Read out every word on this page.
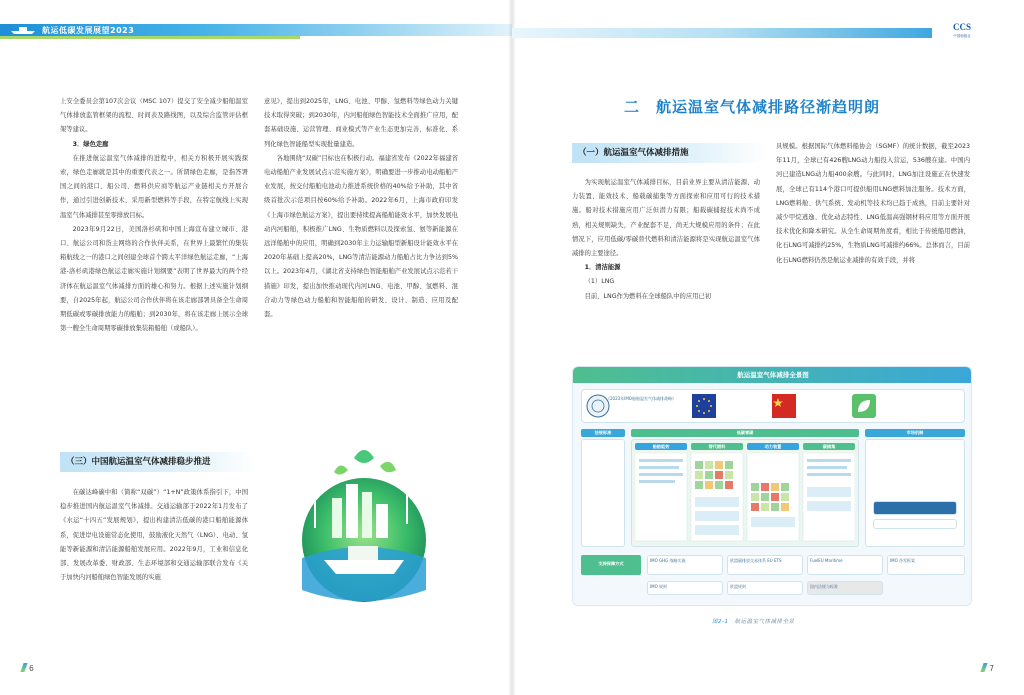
航运低碳发展展望2023

上安全委员会第107次会议（MSC 107）提交了安全减少船舶温室气体排放监管框架的流程、时间表及路线图，以及综合监管评估框架等建议。

3．绿色走廊

在推进航运温室气体减排的进程中，相关方积极开展实践探索，绿色走廊就是其中的重要代表之一。所谓绿色走廊，是指答署国之间的港口、船公司、燃料供应商等航运产业链相关方开展合作，通过引进创新技术、采用新型燃料等手段，在特定航线上实现温室气体减排甚至零排放目标。

2023年9月22日，美国洛杉矶和中国上海宣布建立城市、港口、航运公司和货主网络的合作伙伴关系，在世界上最繁忙的集装箱航线之一的港口之间创建全球首个跨太平洋绿色航运走廊，“上海港-洛杉矶港绿色航运走廊实施计划纲要”表明了世界最大的两个经济体在航运温室气体减排方面的雄心和努力。根据上述实施计划纲要，自2025年起，航运公司合作伙伴将在该走廊部署具备全生命周期低碳或零碳排放能力的船舶；到2030年，将在该走廊上展示全球第一艘全生命周期零碳排放集装箱船舶（或船队）。

意见》，提出到2025年，LNG、电池、甲醇、氢燃料等绿色动力关键技术取得突破；到2030年，内河船舶绿色智能技术全面推广应用，配套基础设施、运营管理、商业模式等产业生态更加完善，标准化、系列化绿色智能船型实现批量建造。

各地围绕“双碳”目标也在积极行动。福建省发布《2022年福建省电动船舶产业发展试点示范实施方案》，明确要进一步推动电动船舶产业发展，按交付船舶电池动力推进系统价格的40%给予补助，其中省级首批次示范项目按60%给予补助。2022年6月，上海市政府印发《上海市绿色航运方案》，提出要持续提高船舶能效水平，加快发展电动内河船舶，积极推广LNG、生物质燃料以及探索氢、氨等新能源在远洋船舶中的应用，明确到2030年主力运输船型新船设计能效水平在2020年基础上提高20%，LNG等清洁能源动力船舶占比力争达到5%以上。2023年4月，《湖北省支持绿色智能船舶产业发展试点示范若干措施》印发，提出加快推动现代内河LNG、电池、甲醇、氢燃料、混合动力等绿色动力船舶和智能船舶的研发、设计、制造、应用及配套。

（三）中国航运温室气体减排稳步推进

在碳达峰碳中和（简称“双碳”）“1+N”政策体系指引下，中国稳步推进国内航运温室气体减排。交通运输部于2022年1月发布了《水运“十四五”发展规划》，提出构建清洁低碳的港口船舶能源体系，促进岸电设施常态化使用，鼓励液化天然气（LNG）、电动、氢能等新能源和清洁能源船舶发展应用。2022年9月，工业和信息化部、发展改革委、财政部、生态环境部和交通运输部联合发布《关于加快内河船舶绿色智能发展的实施

6
CCS
中国船级社
二　航运温室气体减排路径渐趋明朗
（一）航运温室气体减排措施

为实现航运温室气体减排目标，目前业界主要从清洁能源、动力装置、能效技术、船载碳捕集等方面探索和应用可行的技术措施。船对技术措施应用广泛但潜力有限；船载碳捕捉技术尚不成熟，相关规则缺失，产业配套不足，尚无大规模应用的条件；在此情况下，应用低碳/零碳替代燃料和清洁能源将是实现航运温室气体减排的主要途径。

1．清洁能源

（1）LNG

目前，LNG作为燃料在全球船队中的应用已初

具规模。根据国际气体燃料船协会（SGMF）的统计数据，截至2023年11月，全球已有426艘LNG动力船投入营运，536艘在建。中国内河已建造LNG动力船400余艘。与此同时，LNG加注设施正在快速发展，全球已有114个港口可提供船用LNG燃料加注服务。技术方面，LNG燃料舱、供气系统、发动机等技术均已趋于成熟，目前主要针对减少甲烷逃逸、优化动态特性、LNG低温高强钢材料应用等方面开展技术优化和降本研究。从全生命周期角度看，相比于传统船用燃油，化石LNG可减排约25%，生物质LNG可减排约66%。总体而言，目前化石LNG燃料仍然是航运业减排的有效手段，并将

航运温室气体减排全景图
《2023年IMO船舶温室气体减排战略》
法规标准	低碳零碳
船舶能效	替代燃料	动力装置	碳捕集
市场机制
支持保障方式
IMO GHG 战略实施	欧盟碳排放交易体系 EU ETS	FuelEU Maritime	IMO 净零框架
IMO 规则	欧盟规则	国内法规与标准
图2-1　 航运温室气体减排全景
7
